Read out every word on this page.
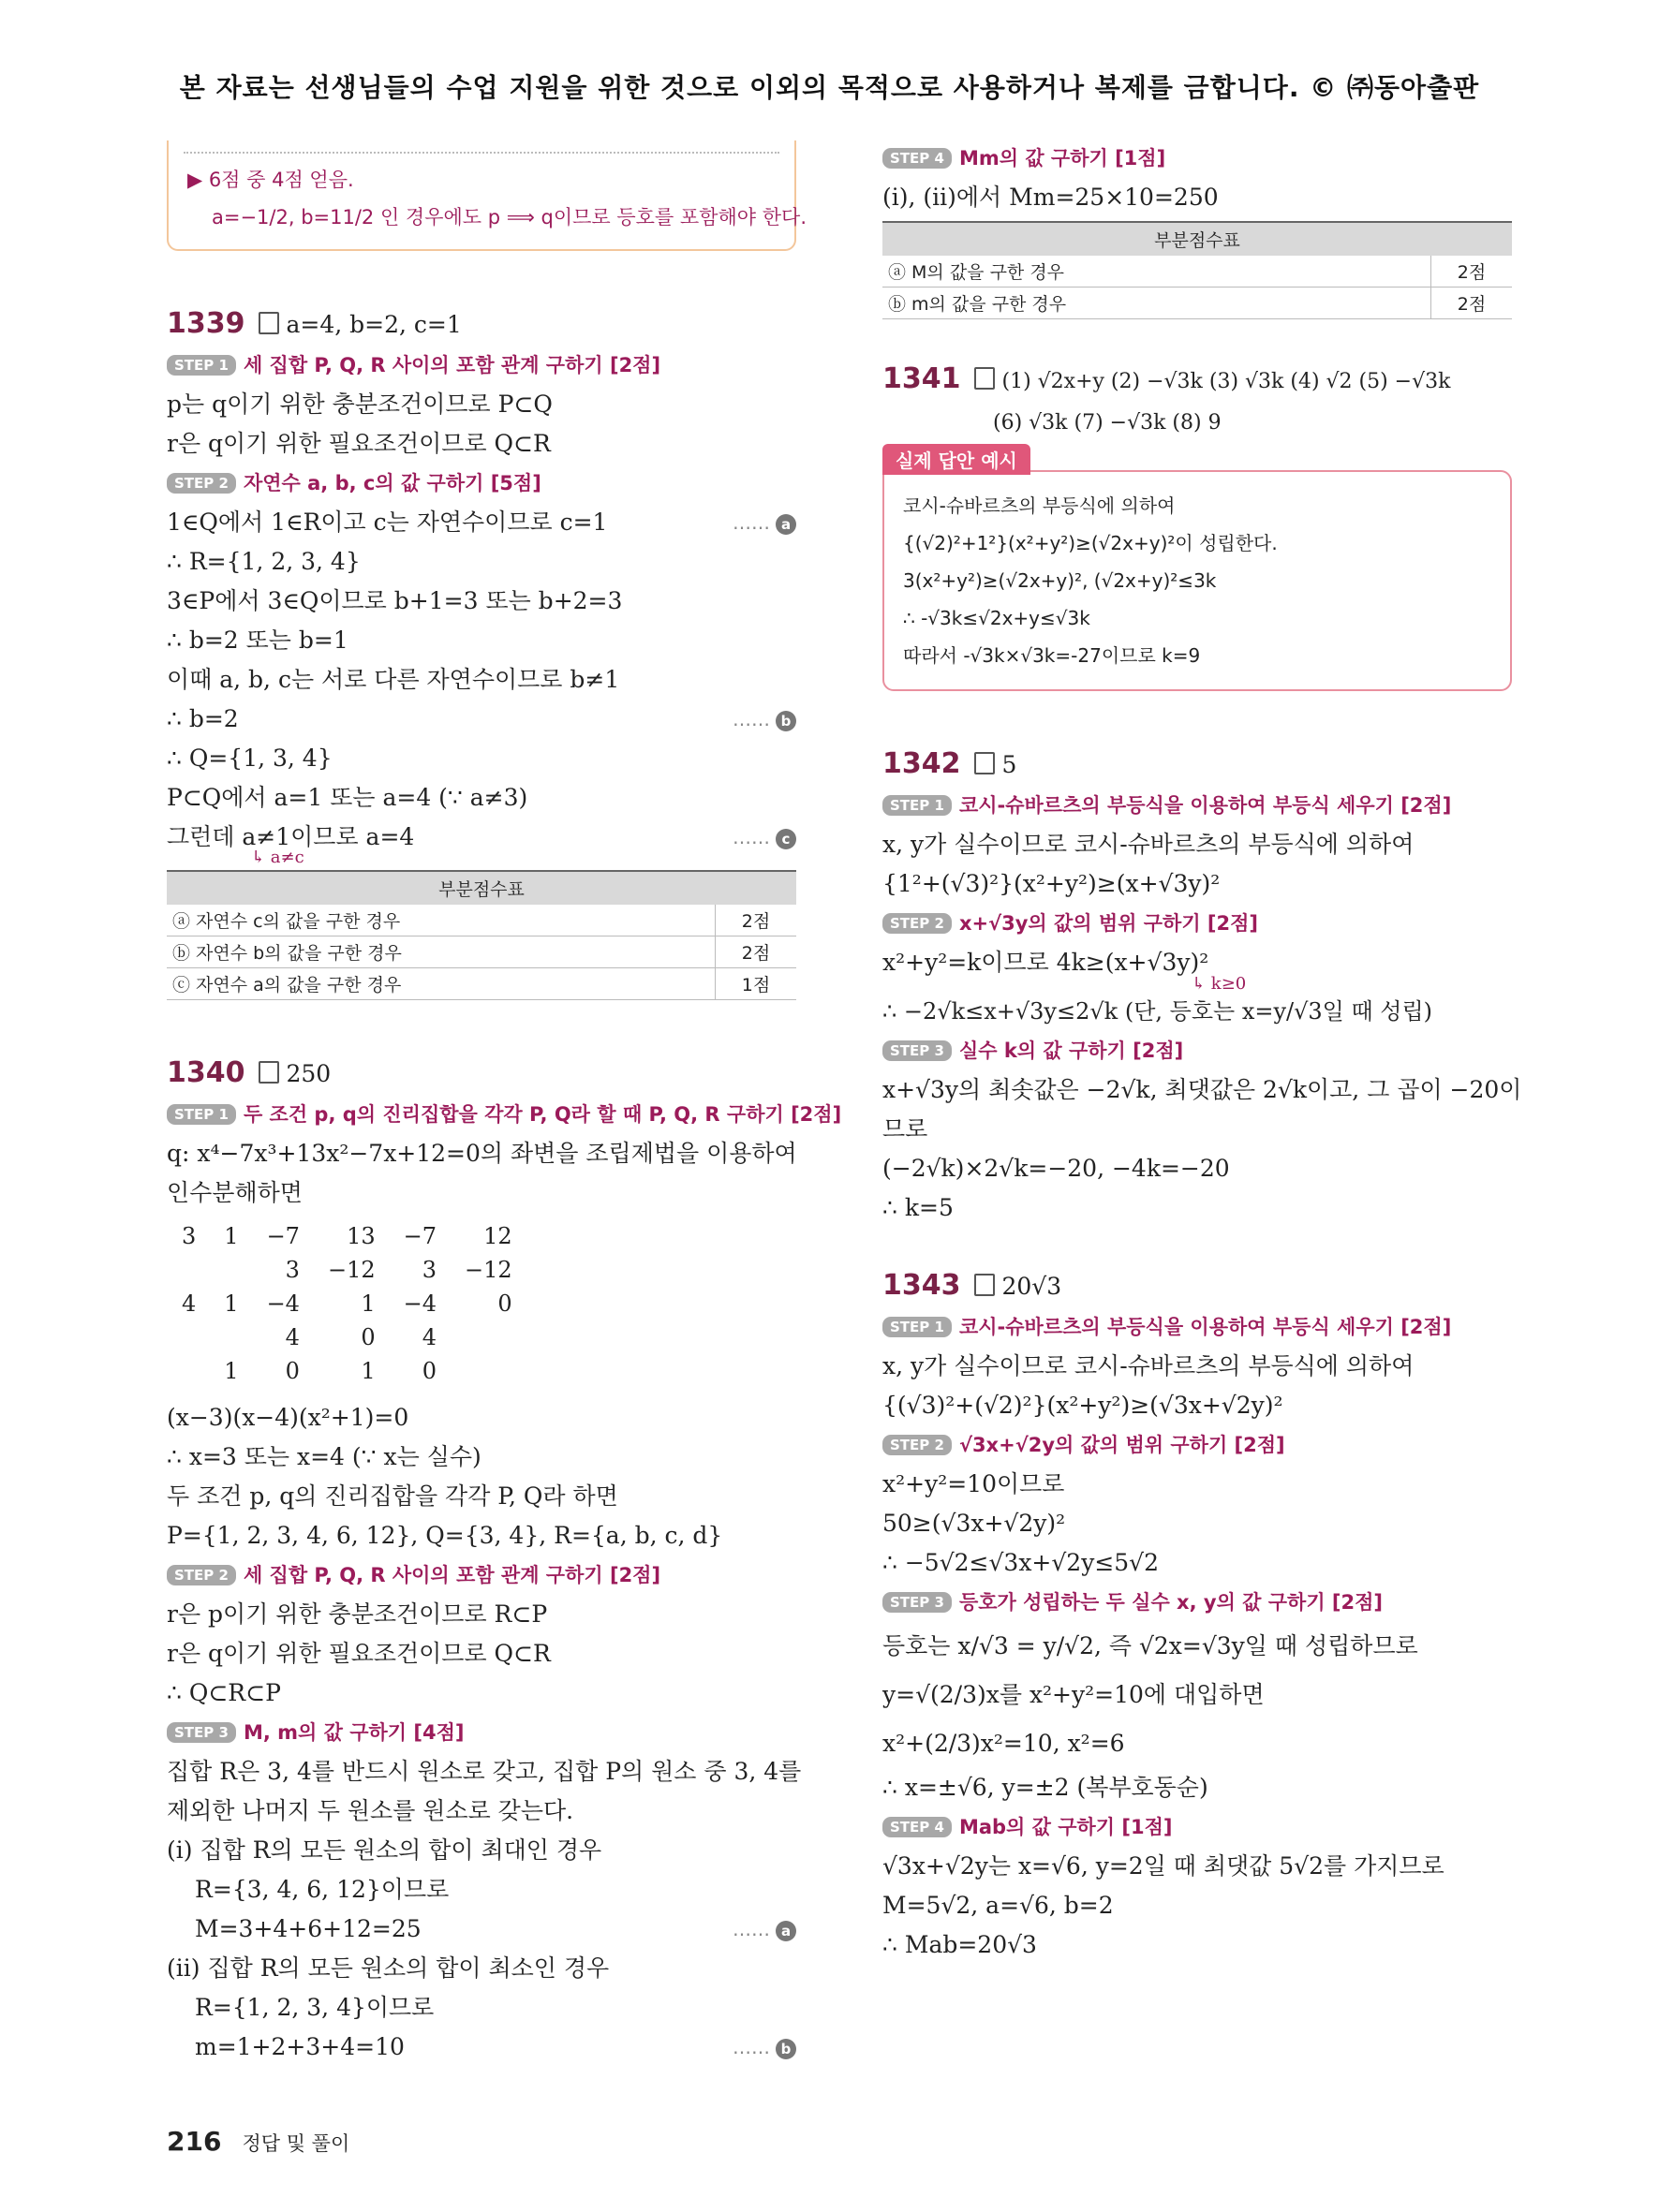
본 자료는 선생님들의 수업 지원을 위한 것으로 이외의 목적으로 사용하거나 복제를 금합니다. © ㈜동아출판
▶ 6점 중 4점 얻음.
a=−1/2, b=11/2 인 경우에도 p ⟹ q이므로 등호를 포함해야 한다.
1339 a=4, b=2, c=1
STEP 1 세 집합 P, Q, R 사이의 포함 관계 구하기 [2점]
p는 q이기 위한 충분조건이므로 P⊂Q
r은 q이기 위한 필요조건이므로 Q⊂R
STEP 2 자연수 a, b, c의 값 구하기 [5점]
1∈Q에서 1∈R이고 c는 자연수이므로 c=1	…… a
∴ R={1, 2, 3, 4}
3∈P에서 3∈Q이므로 b+1=3 또는 b+2=3
∴ b=2 또는 b=1
이때 a, b, c는 서로 다른 자연수이므로 b≠1
∴ b=2	…… b
∴ Q={1, 3, 4}
P⊂Q에서 a=1 또는 a=4 (∵ a≠3)
그런데 a≠1이므로 a=4	…… c
↳ a≠c
부분점수표	
ⓐ 자연수 c의 값을 구한 경우	2점
ⓑ 자연수 b의 값을 구한 경우	2점
ⓒ 자연수 a의 값을 구한 경우	1점
1340 250
STEP 1 두 조건 p, q의 진리집합을 각각 P, Q라 할 때 P, Q, R 구하기 [2점]
q: x⁴−7x³+13x²−7x+12=0의 좌변을 조립제법을 이용하여
인수분해하면
3	1	−7	13	−7	12
		3	−12	3	−12
4	1	−4	1	−4	0
		4	0	4	
	1	0	1	0	
(x−3)(x−4)(x²+1)=0
∴ x=3 또는 x=4 (∵ x는 실수)
두 조건 p, q의 진리집합을 각각 P, Q라 하면
P={1, 2, 3, 4, 6, 12}, Q={3, 4}, R={a, b, c, d}
STEP 2 세 집합 P, Q, R 사이의 포함 관계 구하기 [2점]
r은 p이기 위한 충분조건이므로 R⊂P
r은 q이기 위한 필요조건이므로 Q⊂R
∴ Q⊂R⊂P
STEP 3 M, m의 값 구하기 [4점]
집합 R은 3, 4를 반드시 원소로 갖고, 집합 P의 원소 중 3, 4를
제외한 나머지 두 원소를 원소로 갖는다.
(i) 집합 R의 모든 원소의 합이 최대인 경우
R={3, 4, 6, 12}이므로
M=3+4+6+12=25	…… a
(ii) 집합 R의 모든 원소의 합이 최소인 경우
R={1, 2, 3, 4}이므로
m=1+2+3+4=10	…… b
STEP 4 Mm의 값 구하기 [1점]
(i), (ii)에서 Mm=25×10=250
부분점수표	
ⓐ M의 값을 구한 경우	2점
ⓑ m의 값을 구한 경우	2점
1341 (1) √2x+y (2) −√3k (3) √3k (4) √2 (5) −√3k
(6) √3k (7) −√3k (8) 9
실제 답안 예시
코시-슈바르츠의 부등식에 의하여
{(√2)²+1²}(x²+y²)≥(√2x+y)²이 성립한다.
3(x²+y²)≥(√2x+y)², (√2x+y)²≤3k
∴ -√3k≤√2x+y≤√3k
따라서 -√3k×√3k=-27이므로 k=9
1342 5
STEP 1 코시-슈바르츠의 부등식을 이용하여 부등식 세우기 [2점]
x, y가 실수이므로 코시-슈바르츠의 부등식에 의하여
{1²+(√3)²}(x²+y²)≥(x+√3y)²
STEP 2 x+√3y의 값의 범위 구하기 [2점]
x²+y²=k이므로 4k≥(x+√3y)²
↳ k≥0
∴ −2√k≤x+√3y≤2√k (단, 등호는 x=y/√3일 때 성립)
STEP 3 실수 k의 값 구하기 [2점]
x+√3y의 최솟값은 −2√k, 최댓값은 2√k이고, 그 곱이 −20이
므로
(−2√k)×2√k=−20, −4k=−20
∴ k=5
1343 20√3
STEP 1 코시-슈바르츠의 부등식을 이용하여 부등식 세우기 [2점]
x, y가 실수이므로 코시-슈바르츠의 부등식에 의하여
{(√3)²+(√2)²}(x²+y²)≥(√3x+√2y)²
STEP 2 √3x+√2y의 값의 범위 구하기 [2점]
x²+y²=10이므로
50≥(√3x+√2y)²
∴ −5√2≤√3x+√2y≤5√2
STEP 3 등호가 성립하는 두 실수 x, y의 값 구하기 [2점]
등호는 x/√3 = y/√2, 즉 √2x=√3y일 때 성립하므로
y=√(2/3)x를 x²+y²=10에 대입하면
x²+(2/3)x²=10, x²=6
∴ x=±√6, y=±2 (복부호동순)
STEP 4 Mab의 값 구하기 [1점]
√3x+√2y는 x=√6, y=2일 때 최댓값 5√2를 가지므로
M=5√2, a=√6, b=2
∴ Mab=20√3
216 정답 및 풀이
